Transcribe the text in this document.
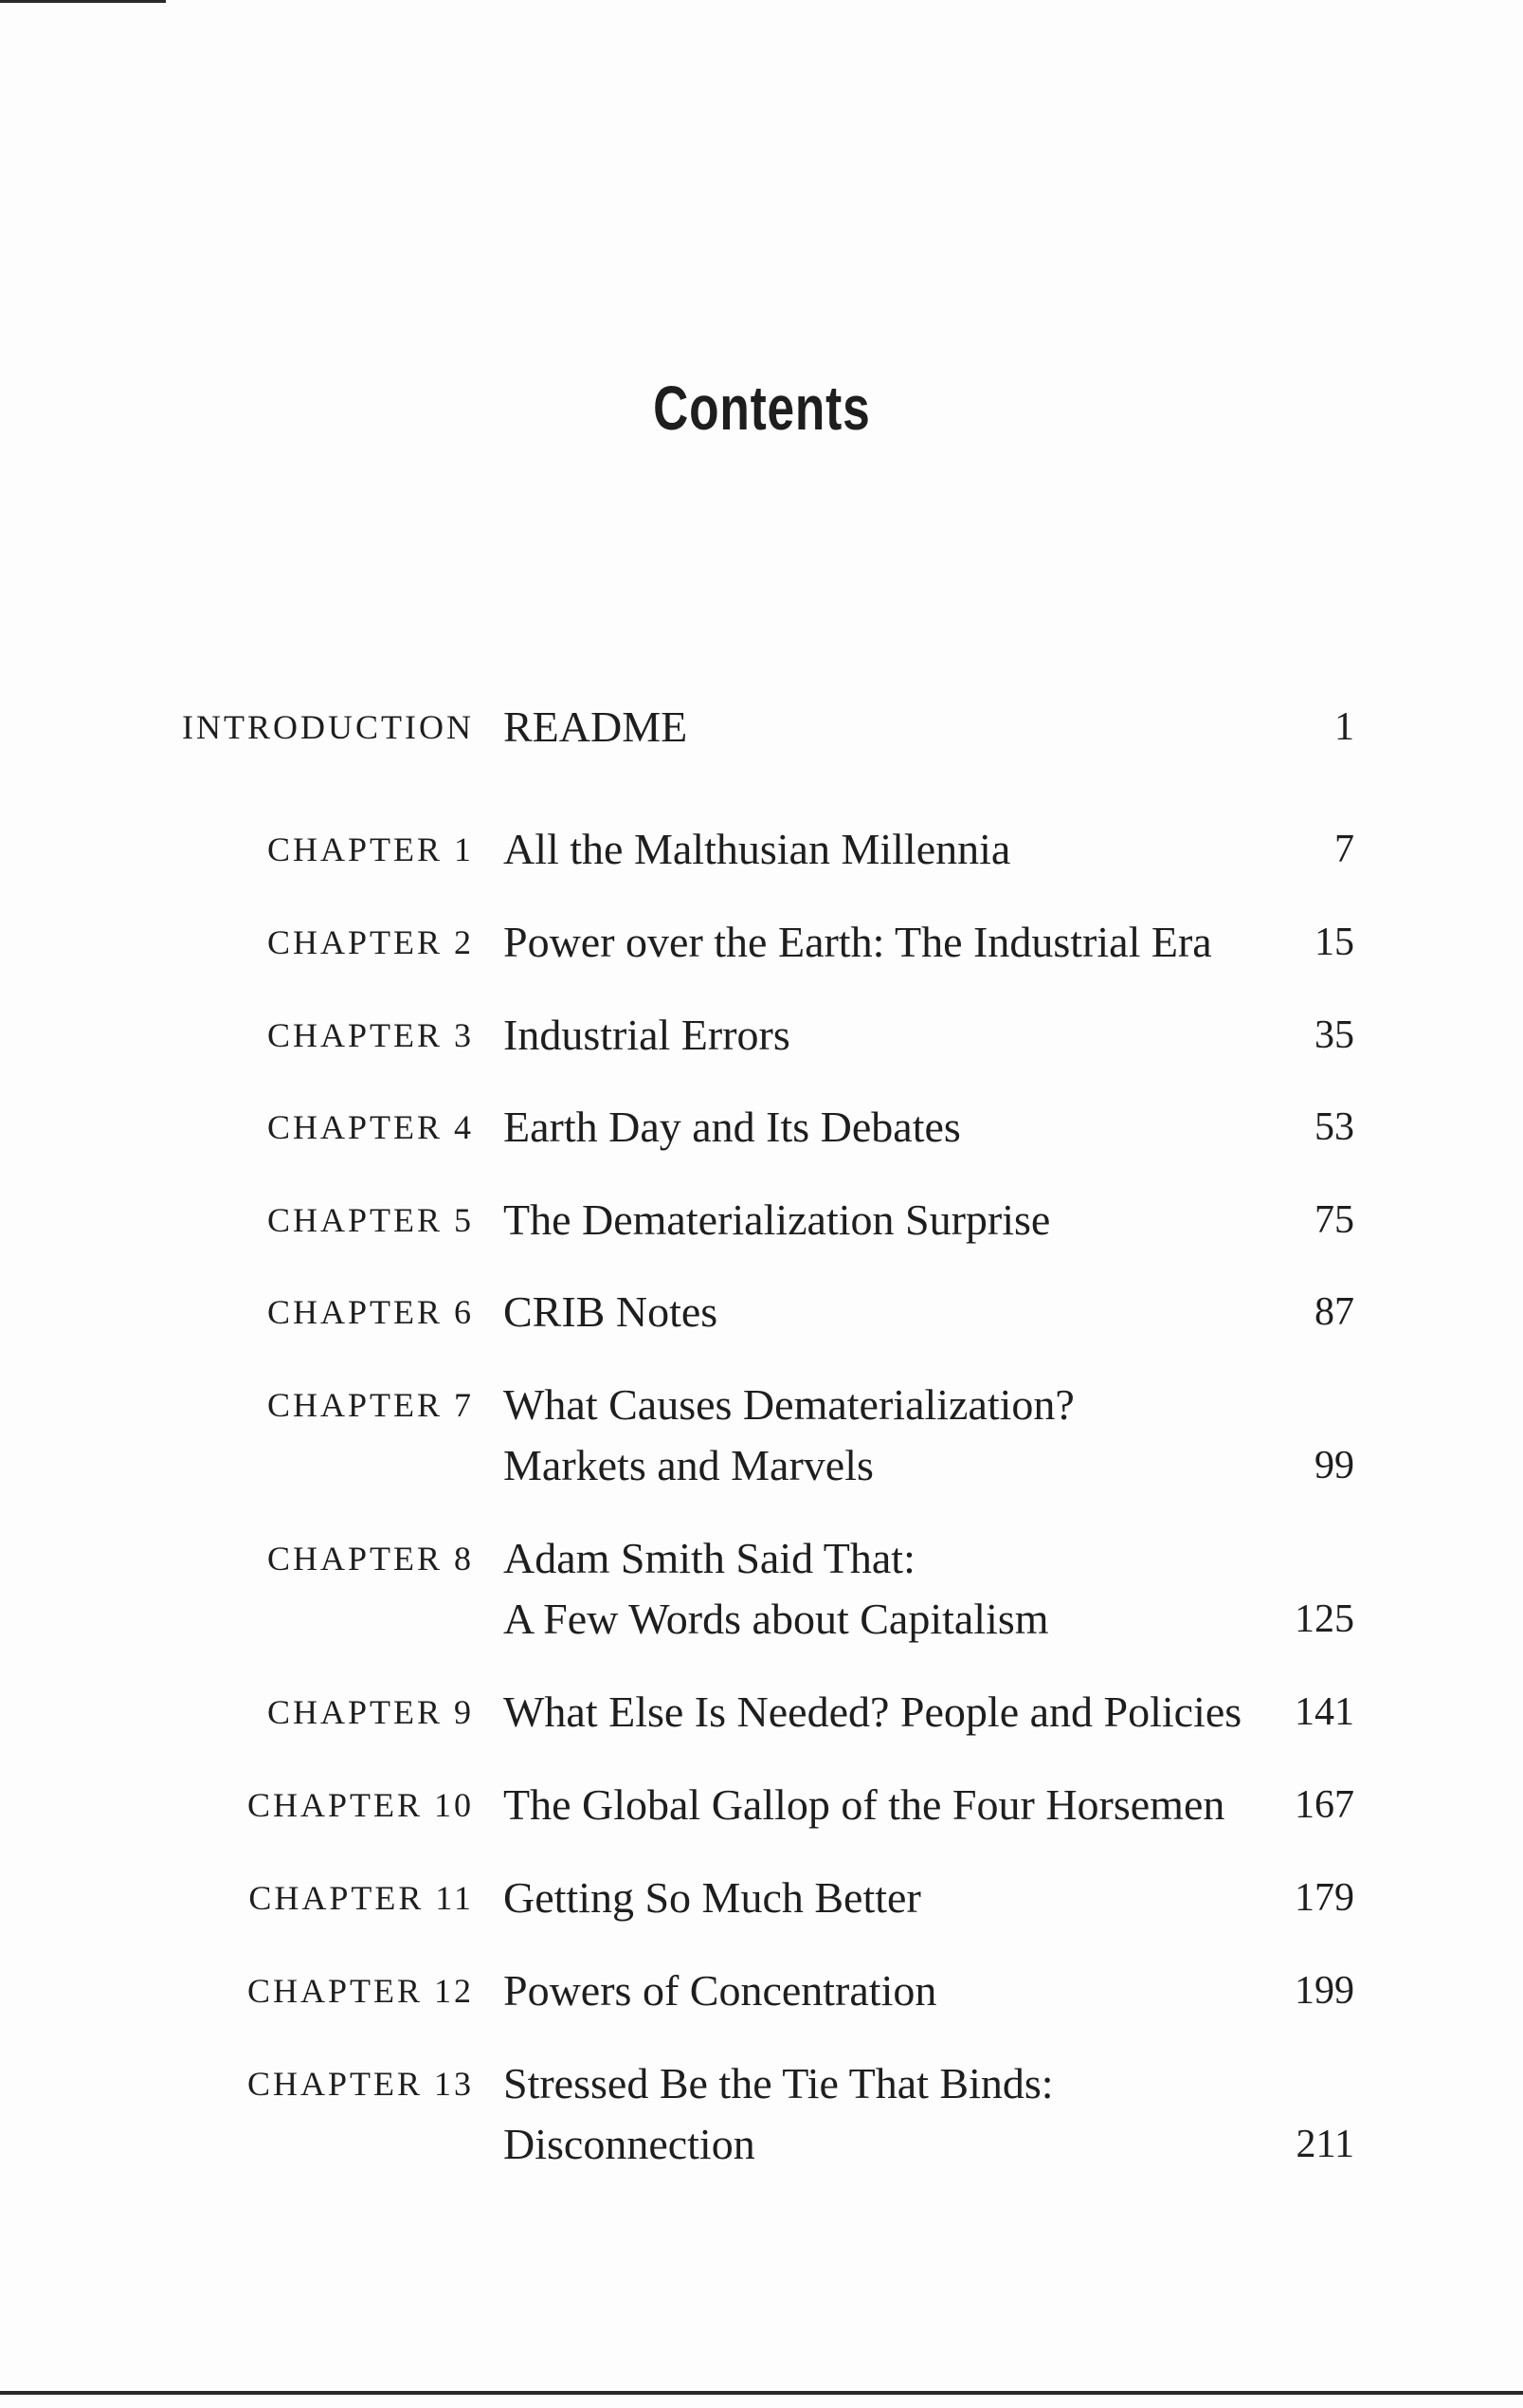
Contents
INTRODUCTION README	1
CHAPTER 1 All the Malthusian Millennia	7
CHAPTER 2 Power over the Earth: The Industrial Era	15
CHAPTER 3 Industrial Errors	35
CHAPTER 4 Earth Day and Its Debates	53
CHAPTER 5 The Dematerialization Surprise	75
CHAPTER 6 CRIB Notes	87
CHAPTER 7 What Causes Dematerialization?
Markets and Marvels	99
CHAPTER 8 Adam Smith Said That:
A Few Words about Capitalism	125
CHAPTER 9 What Else Is Needed? People and Policies 141
CHAPTER 10 The Global Gallop of the Four Horsemen 167
CHAPTER 11 Getting So Much Better	179
CHAPTER 12 Powers of Concentration	199
CHAPTER 13 Stressed Be the Tie That Binds:
Disconnection	211
